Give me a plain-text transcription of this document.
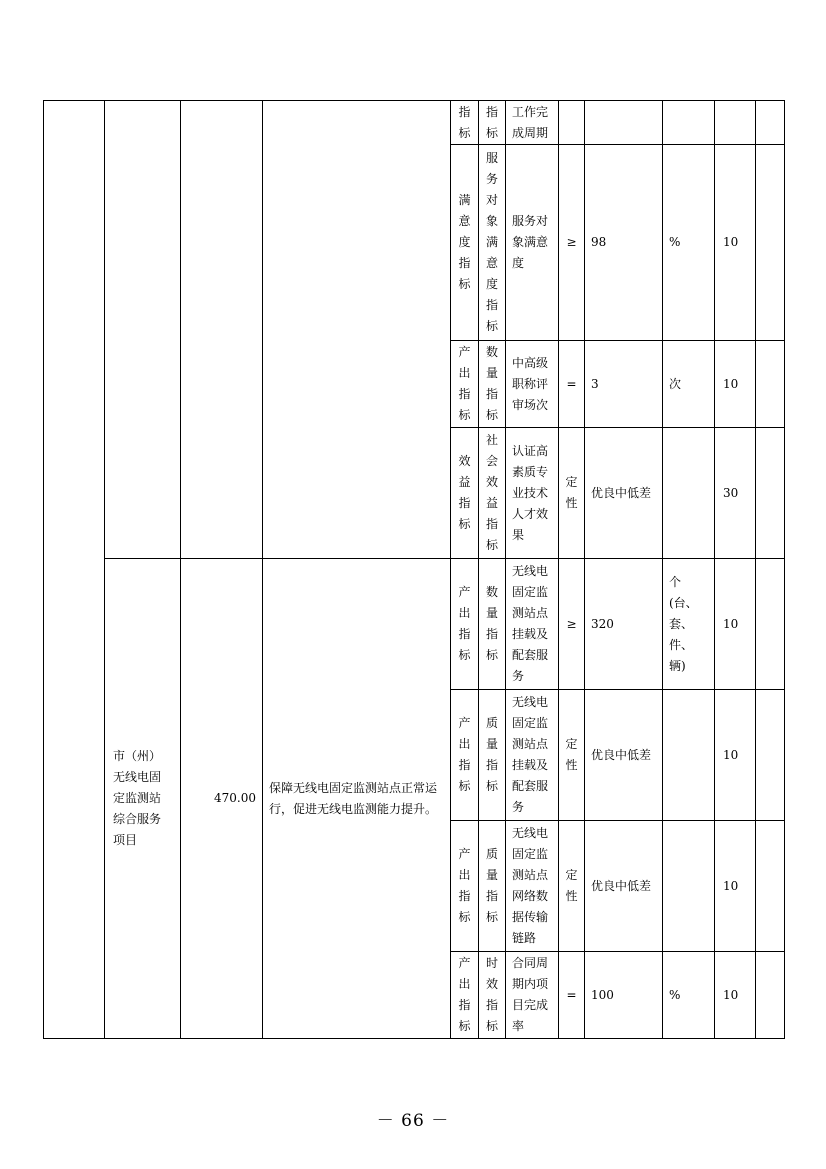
				指标	指标	工作完成周期					

				满意度指标	服务对象满意度指标	服务对象满意度	≥	98	%	10	
				产出指标	数量指标	中高级职称评审场次	=	3	次	10	
				效益指标	社会效益指标	认证高素质专业技术人才效果	定性	优良中低差		30	
	市（州）无线电固定监测站综合服务项目	470.00	保障无线电固定监测站点正常运行，促进无线电监测能力提升。	产出指标	数量指标	无线电固定监测站点挂载及配套服务	≥	320	个(台、套、件、辆)	10	
				产出指标	质量指标	无线电固定监测站点挂载及配套服务	定性	优良中低差		10	
				产出指标	质量指标	无线电固定监测站点网络数据传输链路	定性	优良中低差		10	
				产出指标	时效指标	合同周期内项目完成率	=	100	%	10	
－ 66 －
